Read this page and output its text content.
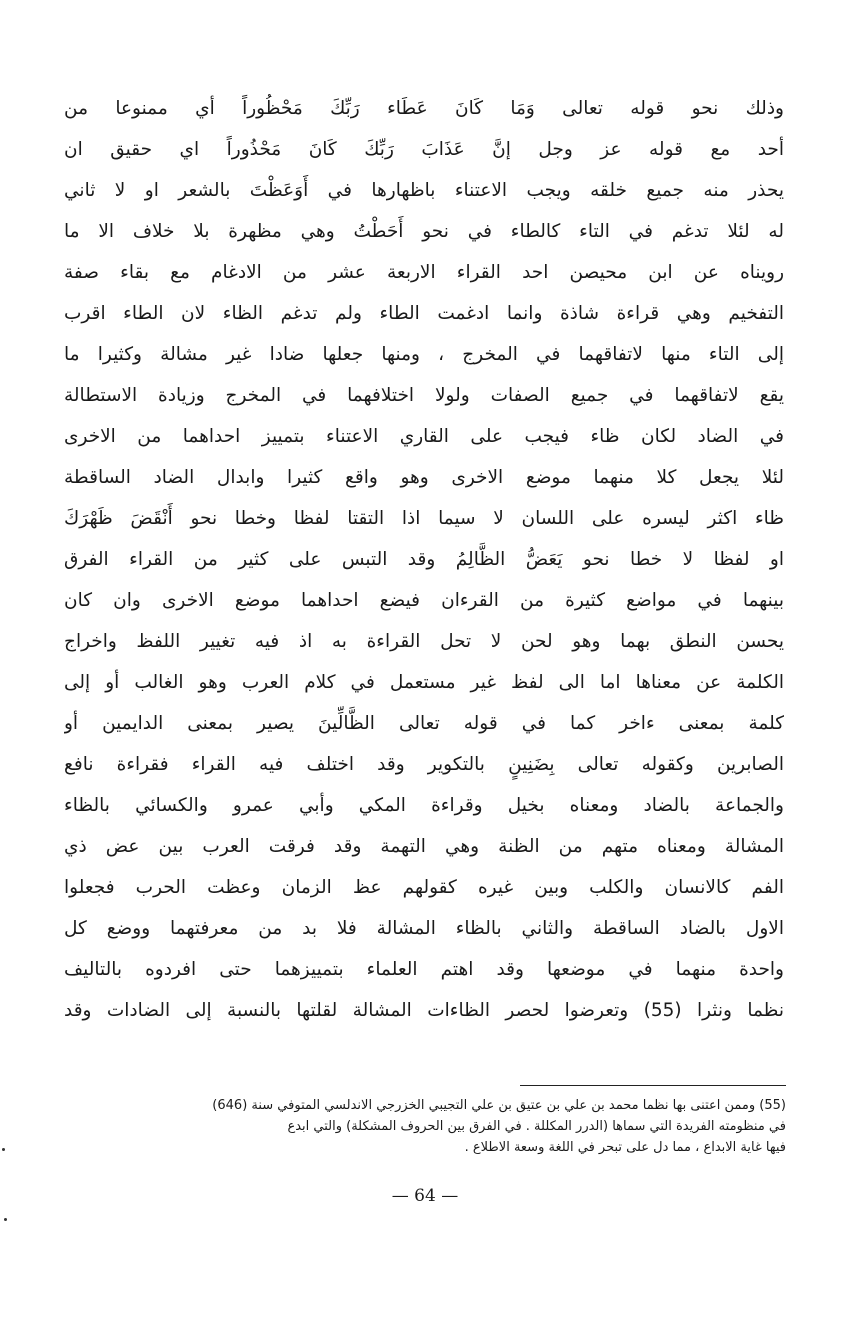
وذلك نحو قوله تعالى وَمَا كَانَ عَطَاء رَبِّكَ مَحْظُوراً أي ممنوعا من
أحد مع قوله عز وجل إنَّ عَذَابَ رَبِّكَ كَانَ مَحْذُوراً اي حقيق ان
يحذر منه جميع خلقه ويجب الاعتناء باظهارها في أَوَعَظْتَ بالشعر او لا ثاني
له لئلا تدغم في التاء كالطاء في نحو أَحَطْتُ وهي مظهرة بلا خلاف الا ما
رويناه عن ابن محيصن احد القراء الاربعة عشر من الادغام مع بقاء صفة
التفخيم وهي قراءة شاذة وانما ادغمت الطاء ولم تدغم الظاء لان الطاء اقرب
إلى التاء منها لاتفاقهما في المخرج ، ومنها جعلها ضادا غير مشالة وكثيرا ما
يقع لاتفاقهما في جميع الصفات ولولا اختلافهما في المخرج وزيادة الاستطالة
في الضاد لكان ظاء فيجب على القاري الاعتناء بتمييز احداهما من الاخرى
لئلا يجعل كلا منهما موضع الاخرى وهو واقع كثيرا وابدال الضاد الساقطة
ظاء اكثر ليسره على اللسان لا سيما اذا التقتا لفظا وخطا نحو أَنْقَضَ ظَهْرَكَ
او لفظا لا خطا نحو يَعَضُّ الظَّالِمُ وقد التبس على كثير من القراء الفرق
بينهما في مواضع كثيرة من القرءان فيضع احداهما موضع الاخرى وان كان
يحسن النطق بهما وهو لحن لا تحل القراءة به اذ فيه تغيير اللفظ واخراج
الكلمة عن معناها اما الى لفظ غير مستعمل في كلام العرب وهو الغالب أو إلى
كلمة بمعنى ءاخر كما في قوله تعالى الظَّالِّينَ يصير بمعنى الدايمين أو
الصابرين وكقوله تعالى بِضَنِينٍ بالتكوير وقد اختلف فيه القراء فقراءة نافع
والجماعة بالضاد ومعناه بخيل وقراءة المكي وأبي عمرو والكسائي بالظاء
المشالة ومعناه متهم من الظنة وهي التهمة وقد فرقت العرب بين عض ذي
الفم كالانسان والكلب وبين غيره كقولهم عظ الزمان وعظت الحرب فجعلوا
الاول بالضاد الساقطة والثاني بالظاء المشالة فلا بد من معرفتهما ووضع كل
واحدة منهما في موضعها وقد اهتم العلماء بتمييزهما حتى افردوه بالتاليف
نظما ونثرا (55) وتعرضوا لحصر الظاءات المشالة لقلتها بالنسبة إلى الضادات وقد
(55) وممن اعتنى بها نظما محمد بن علي بن عتيق بن علي التجيبي الخزرجي الاندلسي المتوفي سنة (646)
في منظومته الفريدة التي سماها (الدرر المكللة . في الفرق بين الحروف المشكلة) والتي ابدع
فيها غاية الابداع ، مما دل على تبحر في اللغة وسعة الاطلاع .
— 64 —
